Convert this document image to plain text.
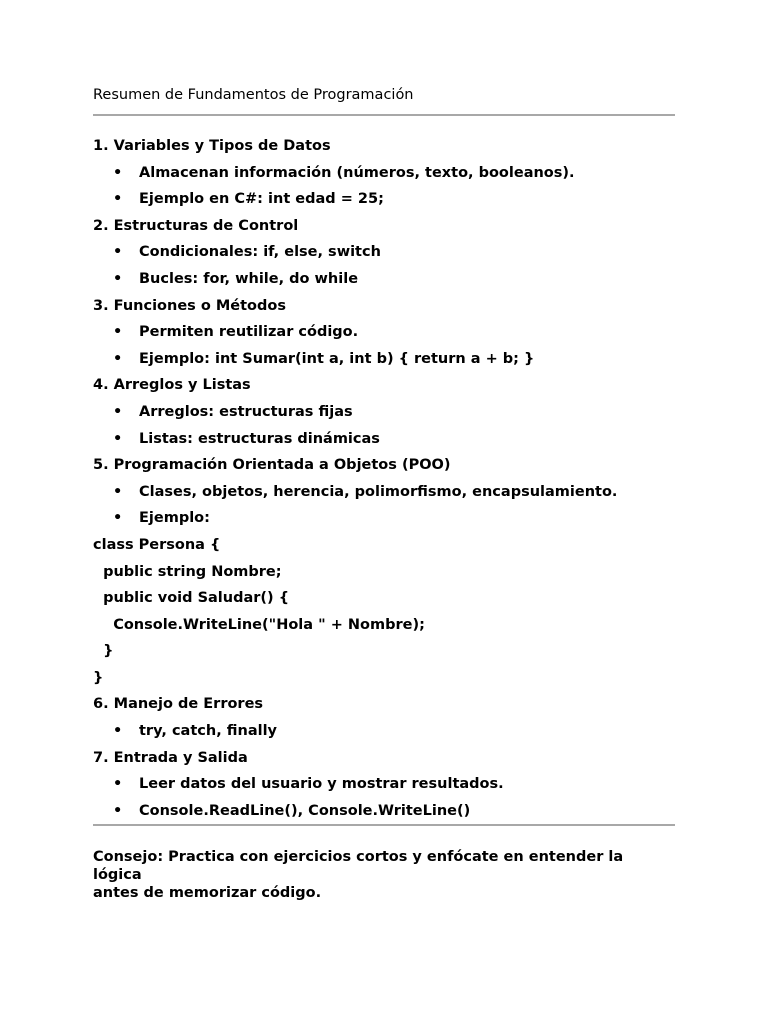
Resumen de Fundamentos de Programación

1. Variables y Tipos de Datos
• Almacenan información (números, texto, booleanos).
• Ejemplo en C#: int edad = 25;
2. Estructuras de Control
• Condicionales: if, else, switch
• Bucles: for, while, do while
3. Funciones o Métodos
• Permiten reutilizar código.
• Ejemplo: int Sumar(int a, int b) { return a + b; }
4. Arreglos y Listas
• Arreglos: estructuras fijas
• Listas: estructuras dinámicas
5. Programación Orientada a Objetos (POO)
• Clases, objetos, herencia, polimorfismo, encapsulamiento.
• Ejemplo:
class Persona {
public string Nombre;
public void Saludar() {
Console.WriteLine("Hola " + Nombre);
}
}
6. Manejo de Errores
• try, catch, finally
7. Entrada y Salida
• Leer datos del usuario y mostrar resultados.
• Console.ReadLine(), Console.WriteLine()

Consejo: Practica con ejercicios cortos y enfócate en entender la lógica
antes de memorizar código.
